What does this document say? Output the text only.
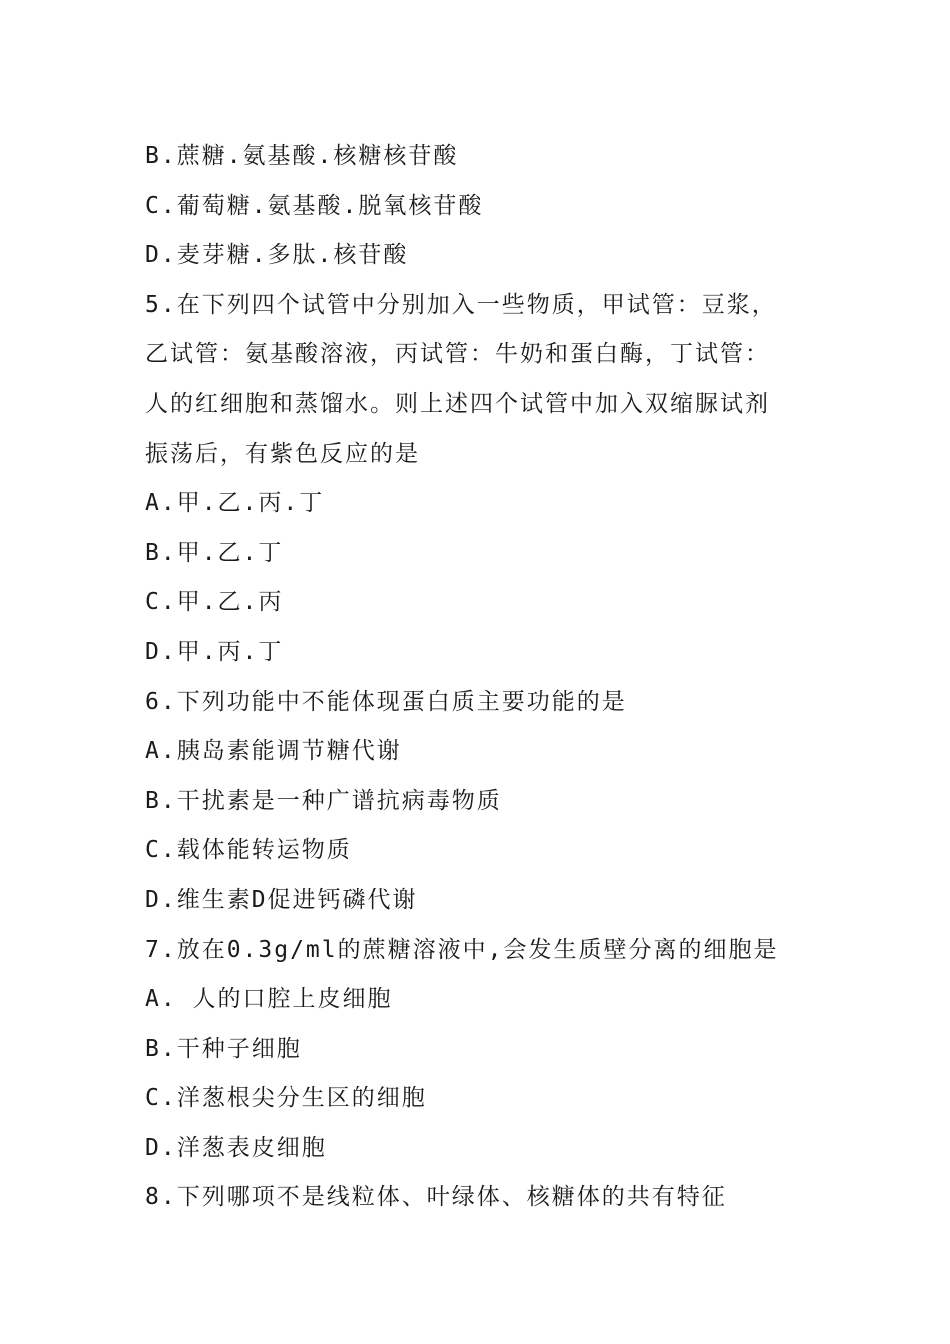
B.蔗糖.氨基酸.核糖核苷酸
C.葡萄糖.氨基酸.脱氧核苷酸
D.麦芽糖.多肽.核苷酸
5.在下列四个试管中分别加入一些物质，甲试管：豆浆，
乙试管：氨基酸溶液，丙试管：牛奶和蛋白酶，丁试管：
人的红细胞和蒸馏水。则上述四个试管中加入双缩脲试剂
振荡后，有紫色反应的是
A.甲.乙.丙.丁
B.甲.乙.丁
C.甲.乙.丙
D.甲.丙.丁
6.下列功能中不能体现蛋白质主要功能的是
A.胰岛素能调节糖代谢
B.干扰素是一种广谱抗病毒物质
C.载体能转运物质
D.维生素D促进钙磷代谢
7.放在0.3g/ml的蔗糖溶液中,会发生质壁分离的细胞是
A. 人的口腔上皮细胞
B.干种子细胞
C.洋葱根尖分生区的细胞
D.洋葱表皮细胞
8.下列哪项不是线粒体、叶绿体、核糖体的共有特征
